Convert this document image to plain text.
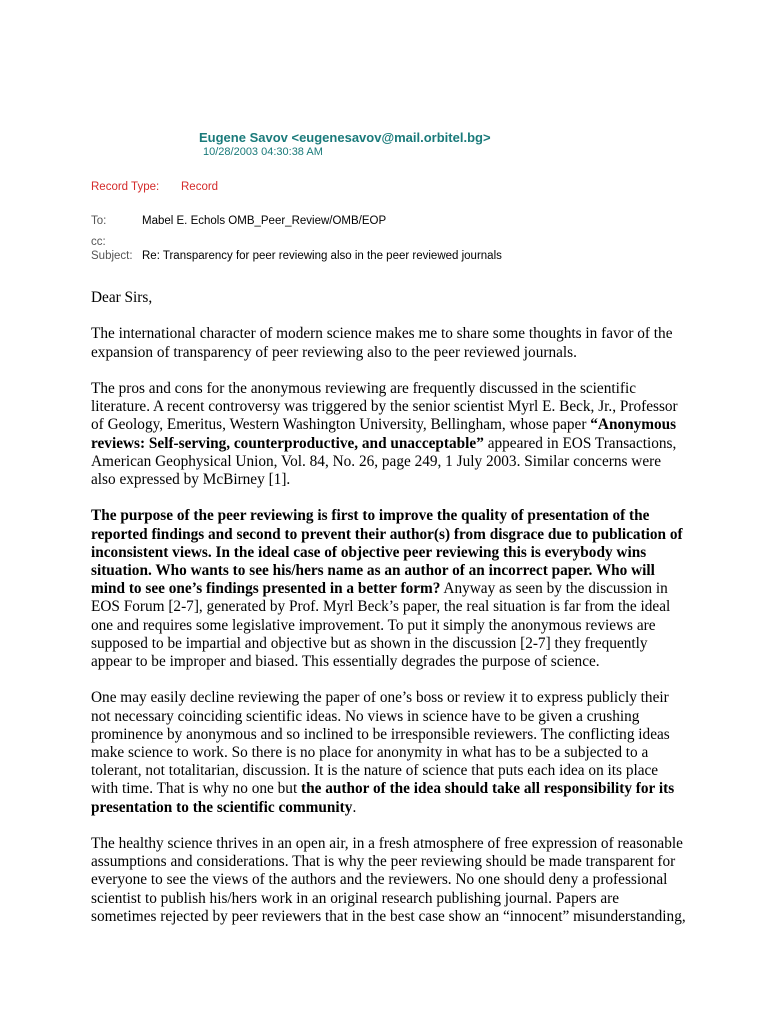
Eugene Savov <eugenesavov@mail.orbitel.bg>
10/28/2003 04:30:38 AM
Record Type: Record
To:	Mabel E. Echols OMB_Peer_Review/OMB/EOP
cc:
Subject: Re: Transparency for peer reviewing also in the peer reviewed journals

Dear Sirs,

The international character of modern science makes me to share some thoughts in favor of the
expansion of transparency of peer reviewing also to the peer reviewed journals.

The pros and cons for the anonymous reviewing are frequently discussed in the scientific
literature. A recent controversy was triggered by the senior scientist Myrl E. Beck, Jr., Professor
of Geology, Emeritus, Western Washington University, Bellingham, whose paper “Anonymous
reviews: Self-serving, counterproductive, and unacceptable” appeared in EOS Transactions,
American Geophysical Union, Vol. 84, No. 26, page 249, 1 July 2003. Similar concerns were
also expressed by McBirney [1].

The purpose of the peer reviewing is first to improve the quality of presentation of the
reported findings and second to prevent their author(s) from disgrace due to publication of
inconsistent views. In the ideal case of objective peer reviewing this is everybody wins
situation. Who wants to see his/hers name as an author of an incorrect paper. Who will
mind to see one’s findings presented in a better form? Anyway as seen by the discussion in
EOS Forum [2-7], generated by Prof. Myrl Beck’s paper, the real situation is far from the ideal
one and requires some legislative improvement. To put it simply the anonymous reviews are
supposed to be impartial and objective but as shown in the discussion [2-7] they frequently
appear to be improper and biased. This essentially degrades the purpose of science.

One may easily decline reviewing the paper of one’s boss or review it to express publicly their
not necessary coinciding scientific ideas. No views in science have to be given a crushing
prominence by anonymous and so inclined to be irresponsible reviewers. The conflicting ideas
make science to work. So there is no place for anonymity in what has to be a subjected to a
tolerant, not totalitarian, discussion. It is the nature of science that puts each idea on its place
with time. That is why no one but the author of the idea should take all responsibility for its
presentation to the scientific community.

The healthy science thrives in an open air, in a fresh atmosphere of free expression of reasonable
assumptions and considerations. That is why the peer reviewing should be made transparent for
everyone to see the views of the authors and the reviewers. No one should deny a professional
scientist to publish his/hers work in an original research publishing journal. Papers are
sometimes rejected by peer reviewers that in the best case show an “innocent” misunderstanding,
